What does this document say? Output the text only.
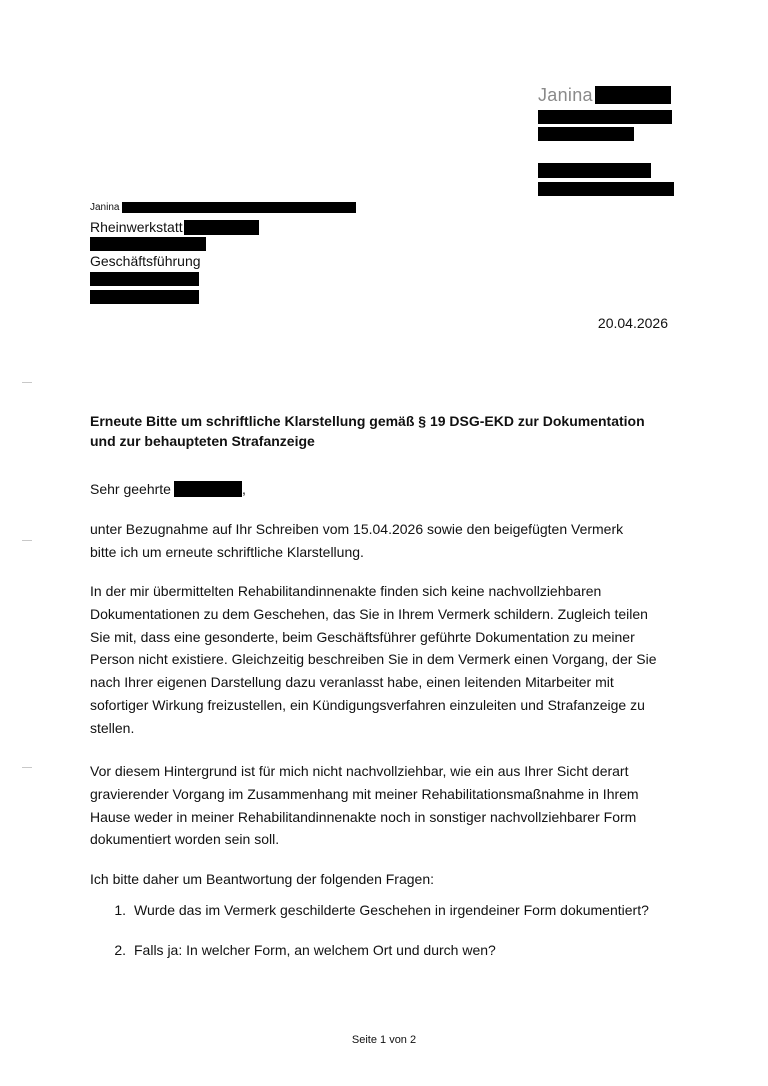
Janina
Janina
Rheinwerkstatt
Geschäftsführung
20.04.2026
Erneute Bitte um schriftliche Klarstellung gemäß § 19 DSG-EKD zur Dokumentation
und zur behaupteten Strafanzeige
Sehr geehrte	,
unter Bezugnahme auf Ihr Schreiben vom 15.04.2026 sowie den beigefügten Vermerk
bitte ich um erneute schriftliche Klarstellung.
In der mir übermittelten Rehabilitandinnenakte finden sich keine nachvollziehbaren
Dokumentationen zu dem Geschehen, das Sie in Ihrem Vermerk schildern. Zugleich teilen
Sie mit, dass eine gesonderte, beim Geschäftsführer geführte Dokumentation zu meiner
Person nicht existiere. Gleichzeitig beschreiben Sie in dem Vermerk einen Vorgang, der Sie
nach Ihrer eigenen Darstellung dazu veranlasst habe, einen leitenden Mitarbeiter mit
sofortiger Wirkung freizustellen, ein Kündigungsverfahren einzuleiten und Strafanzeige zu
stellen.
Vor diesem Hintergrund ist für mich nicht nachvollziehbar, wie ein aus Ihrer Sicht derart
gravierender Vorgang im Zusammenhang mit meiner Rehabilitationsmaßnahme in Ihrem
Hause weder in meiner Rehabilitandinnenakte noch in sonstiger nachvollziehbarer Form
dokumentiert worden sein soll.
Ich bitte daher um Beantwortung der folgenden Fragen:
1. Wurde das im Vermerk geschilderte Geschehen in irgendeiner Form dokumentiert?
2. Falls ja: In welcher Form, an welchem Ort und durch wen?
Seite 1 von 2
